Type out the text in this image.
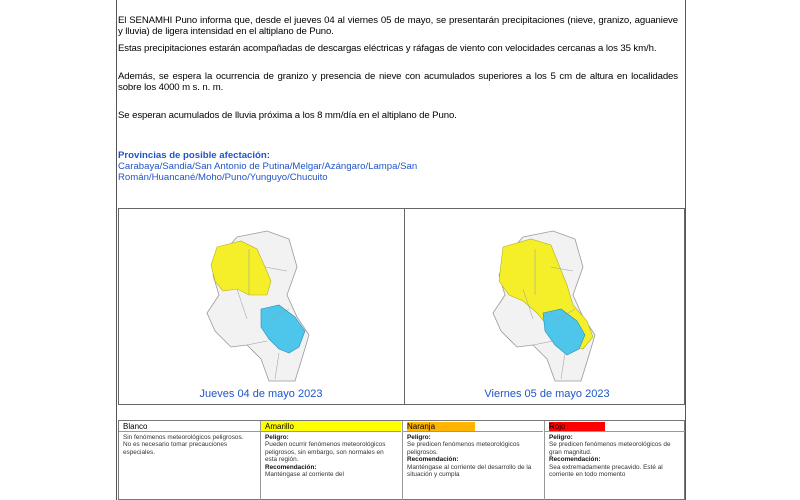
El SENAMHI Puno informa que, desde el jueves 04 al viernes 05 de mayo, se presentarán precipitaciones (nieve, granizo, aguanieve y lluvia) de ligera intensidad en el altiplano de Puno.

Estas precipitaciones estarán acompañadas de descargas eléctricas y ráfagas de viento con velocidades cercanas a los 35 km/h.

Además, se espera la ocurrencia de granizo y presencia de nieve con acumulados superiores a los 5 cm de altura en localidades sobre los 4000 m s. n. m.

Se esperan acumulados de lluvia próxima a los 8 mm/día en el altiplano de Puno.

Provincias de posible afectación:
Carabaya/Sandia/San Antonio de Putina/Melgar/Azángaro/Lampa/San Román/Huancané/Moho/Puno/Yunguyo/Chucuito
Jueves 04 de mayo 2023	Viernes 05 de mayo 2023
Blanco
Sin fenómenos meteorológicos peligrosos.
No es necesario tomar precauciones especiales.
Amarillo
Peligro:
Pueden ocurrir fenómenos meteorológicos peligrosos, sin embargo, son normales en esta región.
Recomendación:
Manténgase al corriente del
Naranja
Peligro:
Se predicen fenómenos meteorológicos peligrosos.
Recomendación:
Manténgase al corriente del desarrollo de la situación y cumpla
Rojo
Peligro:
Se predicen fenómenos meteorológicos de gran magnitud.
Recomendación:
Sea extremadamente precavido. Esté al corriente en todo momento
